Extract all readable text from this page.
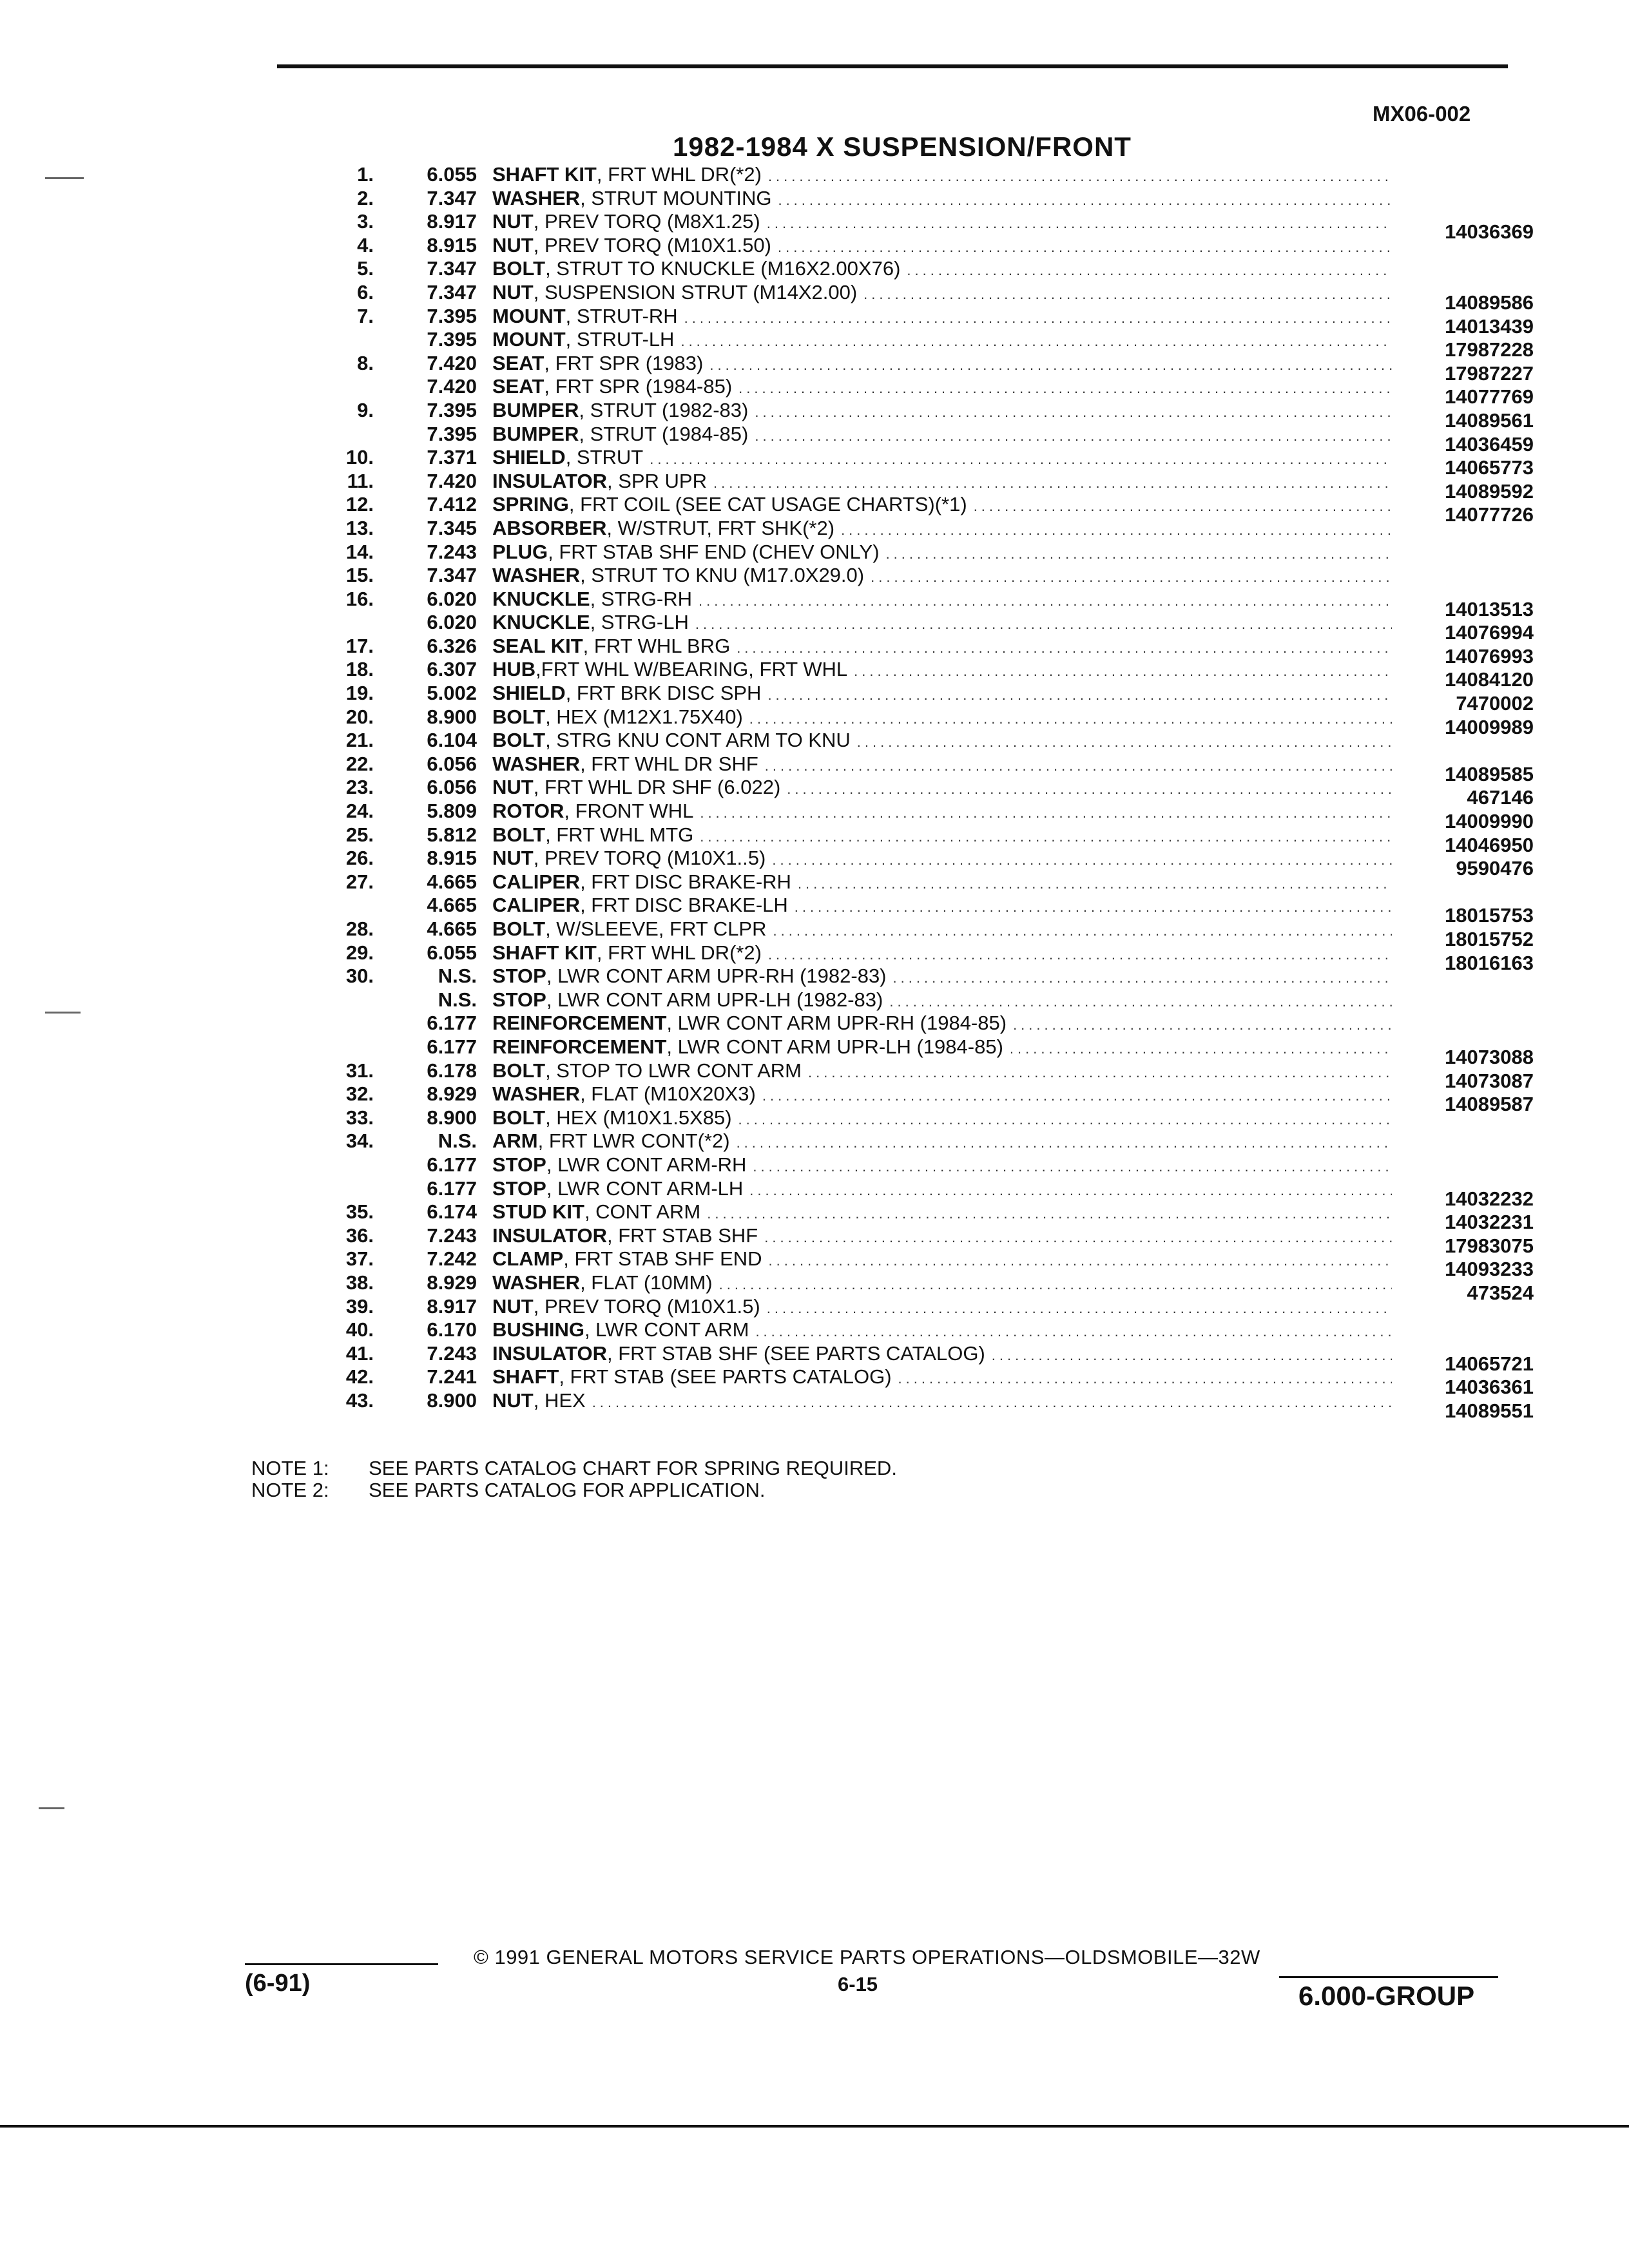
MX06-002
1982-1984 X SUSPENSION/FRONT
1.	6.055 SHAFT KIT, FRT WHL DR(*2) .....
2.	7.347 WASHER, STRUT MOUNTING .....
3.	8.917 NUT, PREV TORQ (M8X1.25) .....	14036369
4.	8.915 NUT, PREV TORQ (M10X1.50) .....
5.	7.347 BOLT, STRUT TO KNUCKLE (M16X2.00X76) .....
6.	7.347 NUT, SUSPENSION STRUT (M14X2.00) .....	14089586
7.	7.395 MOUNT, STRUT-RH .....	14013439
7.395 MOUNT, STRUT-LH .....	17987228
8.	7.420 SEAT, FRT SPR (1983) .....	17987227
7.420 SEAT, FRT SPR (1984-85) .....	14077769
9.	7.395 BUMPER, STRUT (1982-83) .....	14089561
7.395 BUMPER, STRUT (1984-85) .....	14036459
10.	7.371 SHIELD, STRUT .....	14065773
11.	7.420 INSULATOR, SPR UPR .....	14089592
12.	7.412 SPRING, FRT COIL (SEE CAT USAGE CHARTS)(*1) .....	14077726
13.	7.345 ABSORBER, W/STRUT, FRT SHK(*2) .....
14.	7.243 PLUG, FRT STAB SHF END (CHEV ONLY) .....
15.	7.347 WASHER, STRUT TO KNU (M17.0X29.0) .....
16.	6.020 KNUCKLE, STRG-RH .....	14013513
6.020 KNUCKLE, STRG-LH .....	14076994
17.	6.326 SEAL KIT, FRT WHL BRG .....	14076993
18.	6.307 HUB,FRT WHL W/BEARING, FRT WHL .....	14084120
19.	5.002 SHIELD, FRT BRK DISC SPH .....	7470002
20.	8.900 BOLT, HEX (M12X1.75X40) .....	14009989
21.	6.104 BOLT, STRG KNU CONT ARM TO KNU .....
22.	6.056 WASHER, FRT WHL DR SHF .....	14089585
23.	6.056 NUT, FRT WHL DR SHF (6.022) .....	467146
24.	5.809 ROTOR, FRONT WHL .....	14009990
25.	5.812 BOLT, FRT WHL MTG .....	14046950
26.	8.915 NUT, PREV TORQ (M10X1..5) .....	9590476
27.	4.665 CALIPER, FRT DISC BRAKE-RH .....
4.665 CALIPER, FRT DISC BRAKE-LH .....	18015753
28.	4.665 BOLT, W/SLEEVE, FRT CLPR .....	18015752
29.	6.055 SHAFT KIT, FRT WHL DR(*2) .....	18016163
30.	N.S. STOP, LWR CONT ARM UPR-RH (1982-83) .....
N.S. STOP, LWR CONT ARM UPR-LH (1982-83) .....
6.177 REINFORCEMENT, LWR CONT ARM UPR-RH (1984-85) .....
6.177 REINFORCEMENT, LWR CONT ARM UPR-LH (1984-85) .....	14073088
31.	6.178 BOLT, STOP TO LWR CONT ARM .....	14073087
32.	8.929 WASHER, FLAT (M10X20X3) .....	14089587
33.	8.900 BOLT, HEX (M10X1.5X85) .....
34.	N.S. ARM, FRT LWR CONT(*2) .....
6.177 STOP, LWR CONT ARM-RH .....
6.177 STOP, LWR CONT ARM-LH .....	14032232
35.	6.174 STUD KIT, CONT ARM .....	14032231
36.	7.243 INSULATOR, FRT STAB SHF .....	17983075
37.	7.242 CLAMP, FRT STAB SHF END .....	14093233
38.	8.929 WASHER, FLAT (10MM) .....	473524
39.	8.917 NUT, PREV TORQ (M10X1.5) .....
40.	6.170 BUSHING, LWR CONT ARM .....
41.	7.243 INSULATOR, FRT STAB SHF (SEE PARTS CATALOG) .....	14065721
42.	7.241 SHAFT, FRT STAB (SEE PARTS CATALOG) .....	14036361
43.	8.900 NUT, HEX .....	14089551
NOTE 1:	SEE PARTS CATALOG CHART FOR SPRING REQUIRED.
NOTE 2:	SEE PARTS CATALOG FOR APPLICATION.
(6-91)
© 1991 GENERAL MOTORS SERVICE PARTS OPERATIONS—OLDSMOBILE—32W
6-15	6.000-GROUP
